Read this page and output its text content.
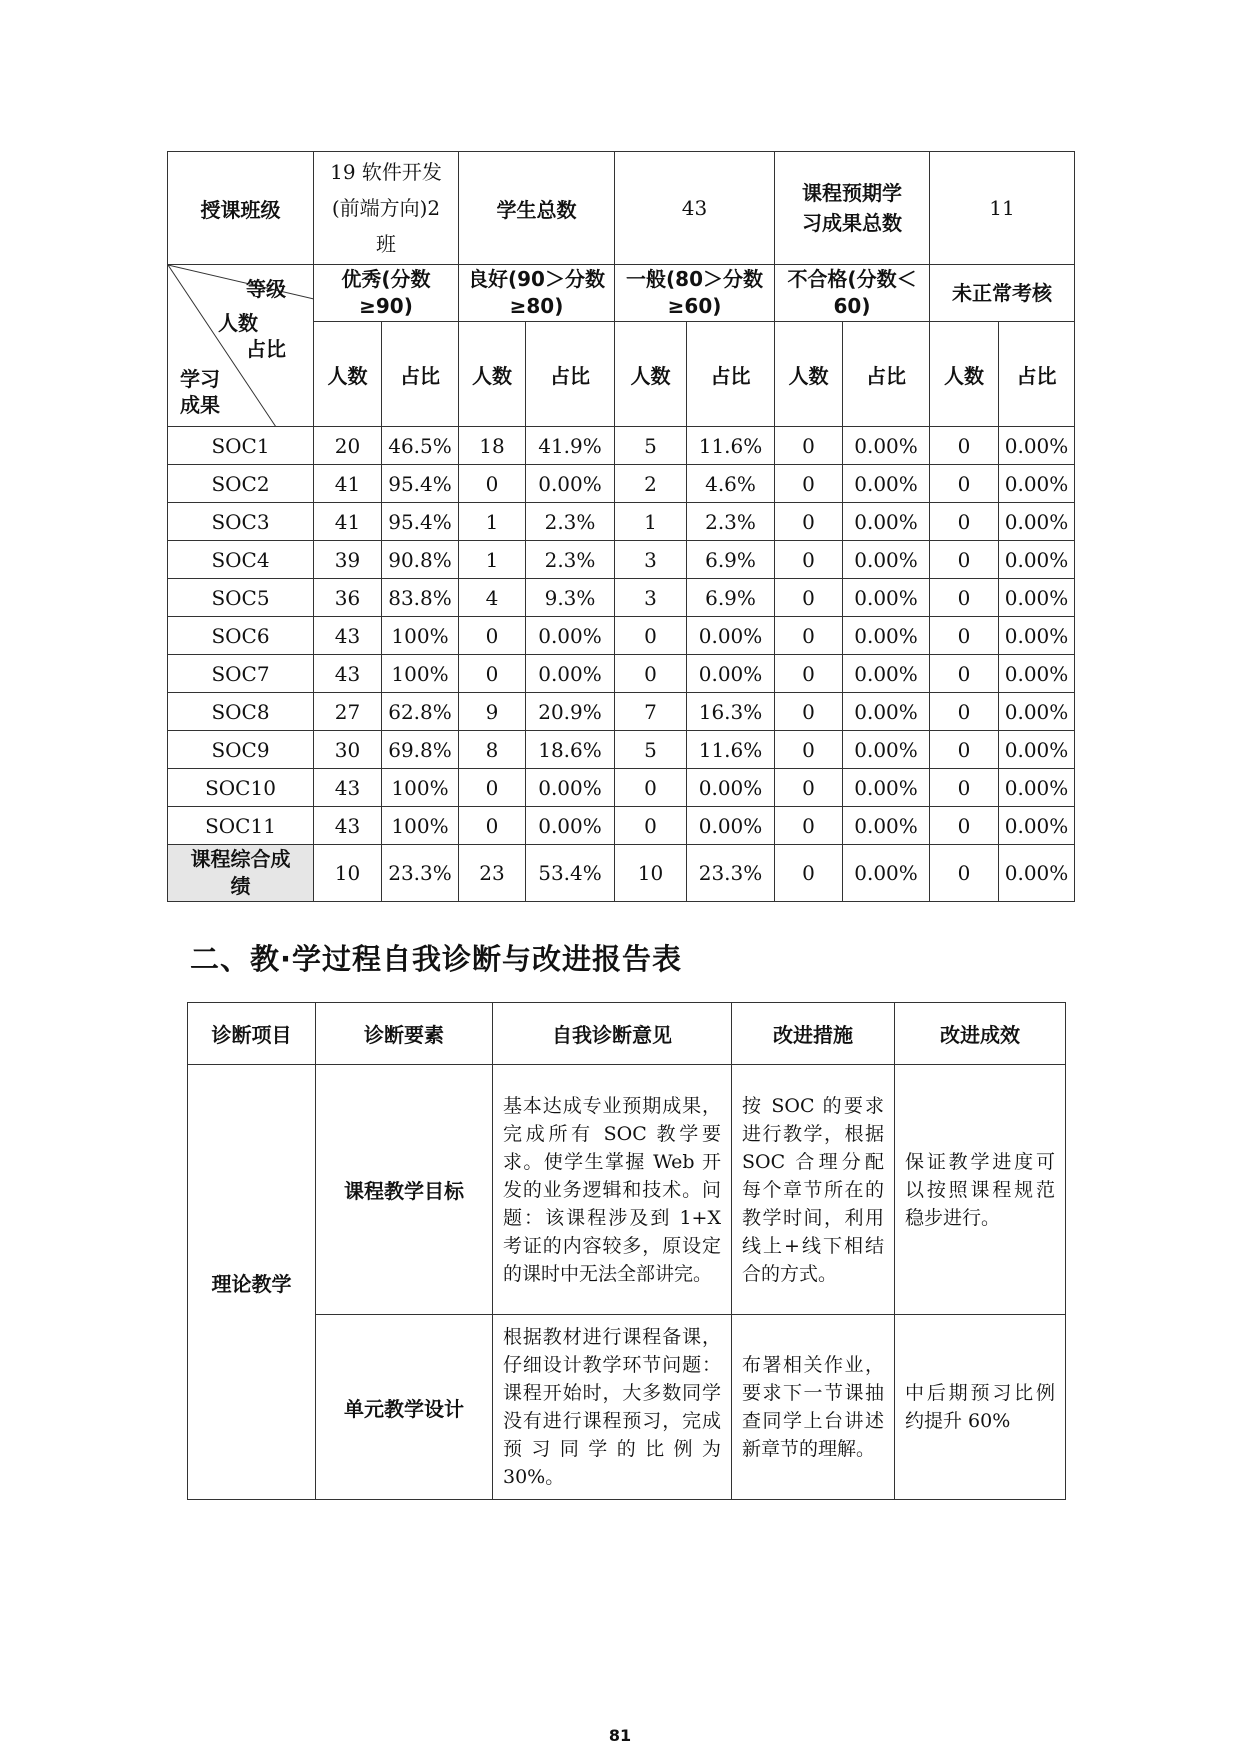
授课班级	19 软件开发(前端方向)2 班		学生总数		43		课程预期学习成果总数		11	

等级
人数
占比
学习
成果	优秀(分数≥90)		良好(90＞分数≥80)		一般(80＞分数≥60)		不合格(分数＜60)		未正常考核	
	人数	占比	人数	占比	人数	占比	人数	占比	人数	占比
SOC1	20	46.5%	18	41.9%	5	11.6%	0	0.00%	0	0.00%
SOC2	41	95.4%	0	0.00%	2	4.6%	0	0.00%	0	0.00%
SOC3	41	95.4%	1	2.3%	1	2.3%	0	0.00%	0	0.00%
SOC4	39	90.8%	1	2.3%	3	6.9%	0	0.00%	0	0.00%
SOC5	36	83.8%	4	9.3%	3	6.9%	0	0.00%	0	0.00%
SOC6	43	100%	0	0.00%	0	0.00%	0	0.00%	0	0.00%
SOC7	43	100%	0	0.00%	0	0.00%	0	0.00%	0	0.00%
SOC8	27	62.8%	9	20.9%	7	16.3%	0	0.00%	0	0.00%
SOC9	30	69.8%	8	18.6%	5	11.6%	0	0.00%	0	0.00%
SOC10	43	100%	0	0.00%	0	0.00%	0	0.00%	0	0.00%
SOC11	43	100%	0	0.00%	0	0.00%	0	0.00%	0	0.00%
课程综合成绩	10	23.3%	23	53.4%	10	23.3%	0	0.00%	0	0.00%
二、教·学过程自我诊断与改进报告表
诊断项目	诊断要素	自我诊断意见	改进措施	改进成效
理论教学	课程教学目标	基本达成专业预期成果，完成所有 SOC 教学要求。使学生掌握 Web 开发的业务逻辑和技术。问题：该课程涉及到 1+X 考证的内容较多，原设定的课时中无法全部讲完。	按 SOC 的要求进行教学，根据 SOC 合理分配每个章节所在的教学时间，利用线上+线下相结合的方式。	保证教学进度可以按照课程规范稳步进行。
	单元教学设计	根据教材进行课程备课，仔细设计教学环节问题：课程开始时，大多数同学没有进行课程预习，完成预习同学的比例为 30%。	布署相关作业，要求下一节课抽查同学上台讲述新章节的理解。	中后期预习比例约提升 60%
81
